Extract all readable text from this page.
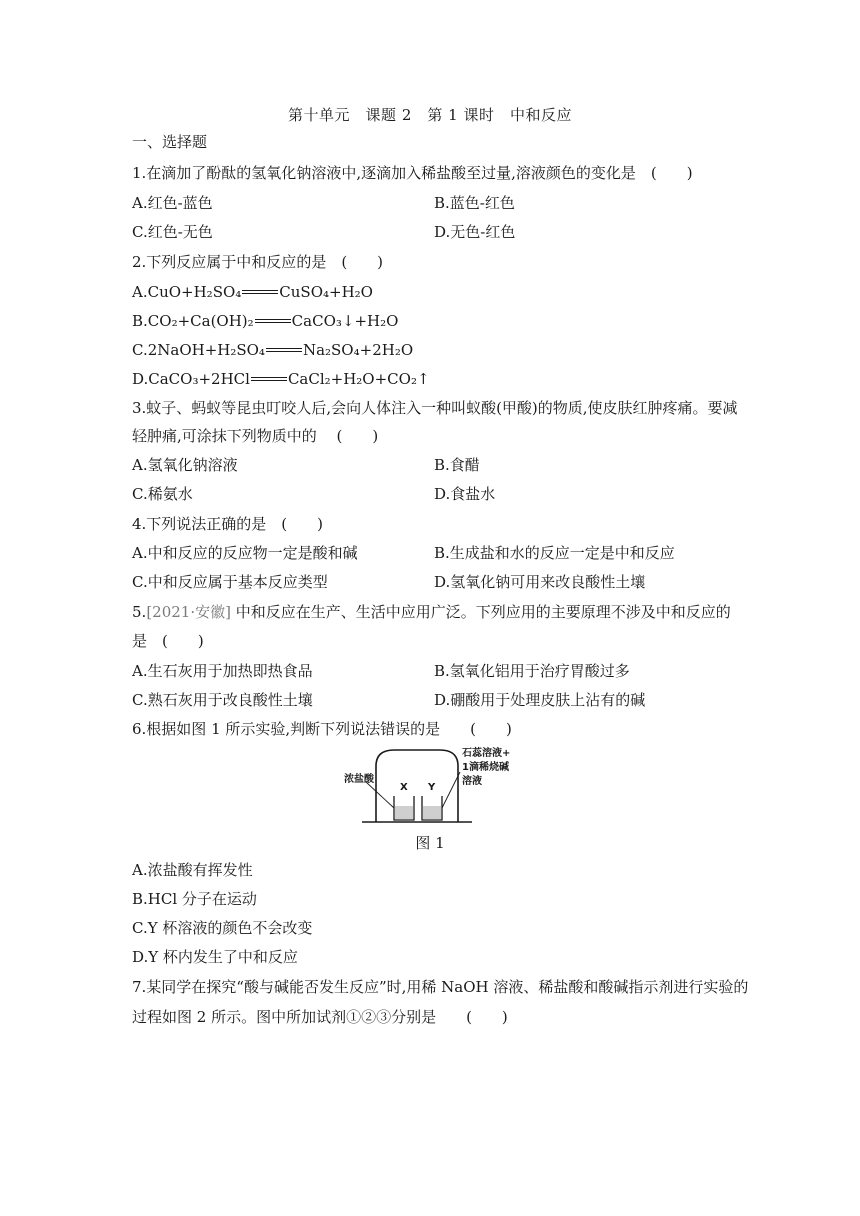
第十单元　课题 2　第 1 课时　中和反应
一、选择题
1.在滴加了酚酞的氢氧化钠溶液中,逐滴加入稀盐酸至过量,溶液颜色的变化是　(　　)
A.红色-蓝色	B.蓝色-红色
C.红色-无色	D.无色-红色
2.下列反应属于中和反应的是　(　　)
A.CuO+H₂SO₄	CuSO₄+H₂O
B.CO₂+Ca(OH)₂	CaCO₃↓+H₂O
C.2NaOH+H₂SO₄	Na₂SO₄+2H₂O
D.CaCO₃+2HCl	CaCl₂+H₂O+CO₂↑
3.蚊子、蚂蚁等昆虫叮咬人后,会向人体注入一种叫蚁酸(甲酸)的物质,使皮肤红肿疼痛。要减
轻肿痛,可涂抹下列物质中的　 (　　)
A.氢氧化钠溶液	B.食醋
C.稀氨水	D.食盐水
4.下列说法正确的是　(　　)
A.中和反应的反应物一定是酸和碱	B.生成盐和水的反应一定是中和反应
C.中和反应属于基本反应类型	D.氢氧化钠可用来改良酸性土壤
5.[2021·安徽] 中和反应在生产、生活中应用广泛。下列应用的主要原理不涉及中和反应的
是　(　　)
A.生石灰用于加热即热食品	B.氢氧化铝用于治疗胃酸过多
C.熟石灰用于改良酸性土壤	D.硼酸用于处理皮肤上沾有的碱
6.根据如图 1 所示实验,判断下列说法错误的是　　(　　)
浓盐酸
X Y
石蕊溶液+
1滴稀烧碱
溶液
图 1
A.浓盐酸有挥发性
B.HCl 分子在运动
C.Y 杯溶液的颜色不会改变
D.Y 杯内发生了中和反应
7.某同学在探究“酸与碱能否发生反应”时,用稀 NaOH 溶液、稀盐酸和酸碱指示剂进行实验的
过程如图 2 所示。图中所加试剂①②③分别是　　(　　)
